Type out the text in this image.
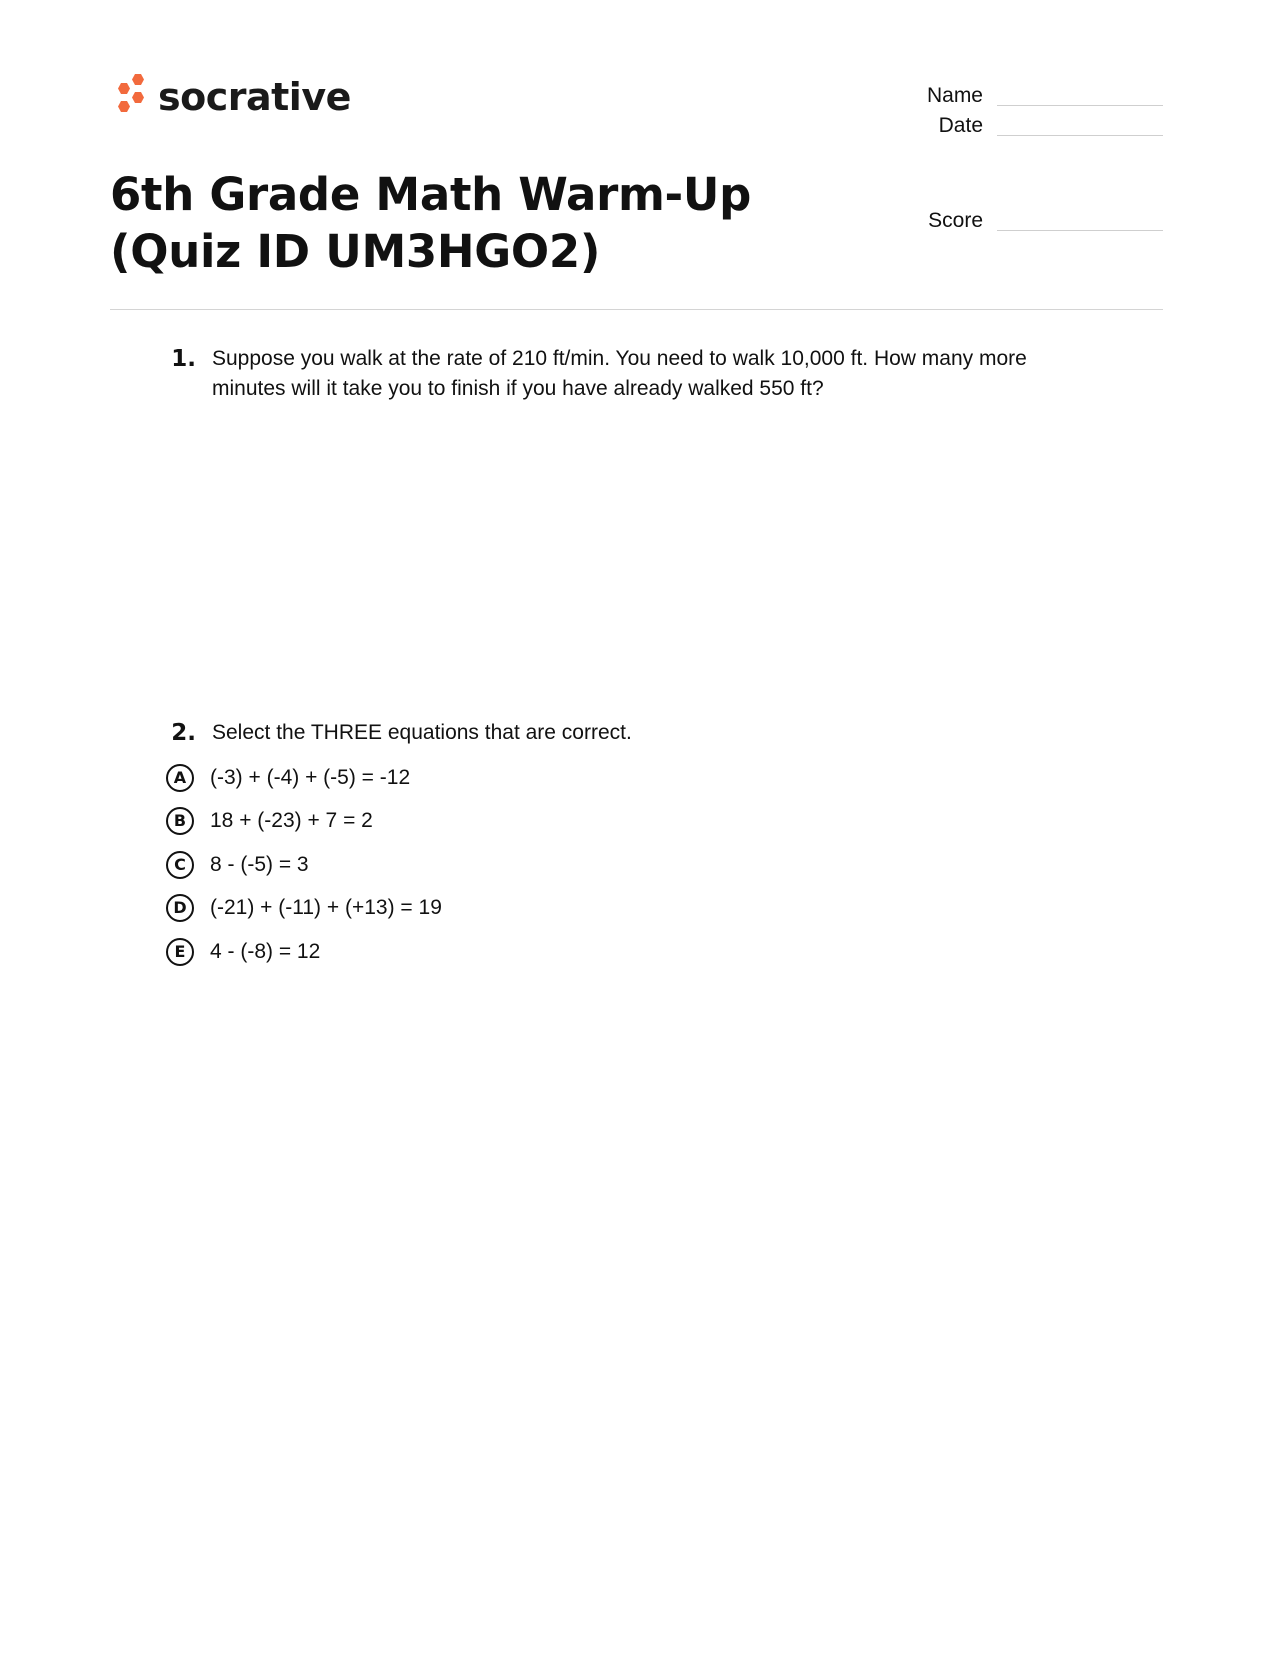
socrative	Name
Date
6th Grade Math Warm-Up (Quiz ID UM3HGO2)
Score
1. Suppose you walk at the rate of 210 ft/min. You need to walk 10,000 ft. How many more minutes will it take you to finish if you have already walked 550 ft?
2. Select the THREE equations that are correct.
A	(-3) + (-4) + (-5) = -12
B	18 + (-23) + 7 = 2
C	8 - (-5) = 3
D	(-21) + (-11) + (+13) = 19
E	4 - (-8) = 12
